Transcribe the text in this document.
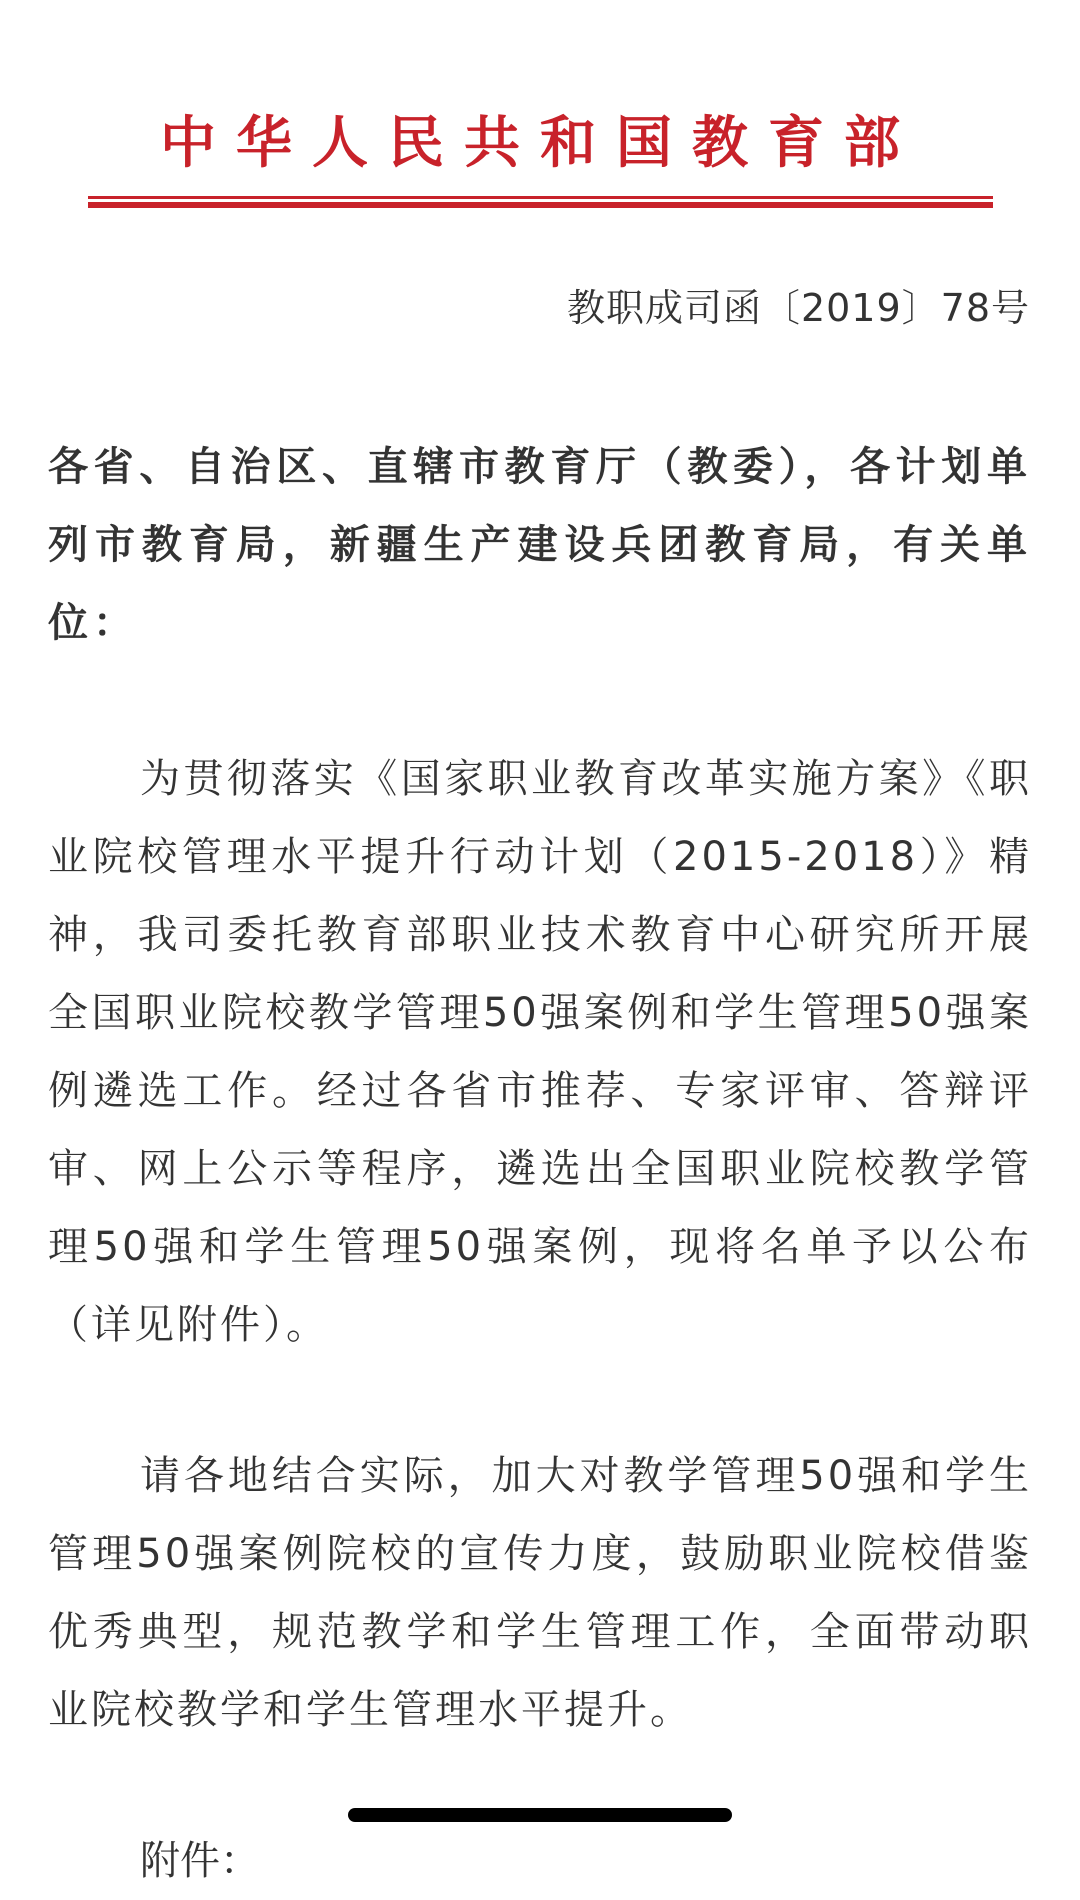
中华人民共和国教育部
教职成司函〔2019〕78号
各省、自治区、直辖市教育厅（教委），各计划单列市教育局，新疆生产建设兵团教育局，有关单位：
为贯彻落实《国家职业教育改革实施方案》《职业院校管理水平提升行动计划（2015-2018）》精神，我司委托教育部职业技术教育中心研究所开展全国职业院校教学管理50强案例和学生管理50强案例遴选工作。经过各省市推荐、专家评审、答辩评审、网上公示等程序，遴选出全国职业院校教学管理50强和学生管理50强案例，现将名单予以公布（详见附件）。
请各地结合实际，加大对教学管理50强和学生管理50强案例院校的宣传力度，鼓励职业院校借鉴优秀典型，规范教学和学生管理工作，全面带动职业院校教学和学生管理水平提升。
附件：
